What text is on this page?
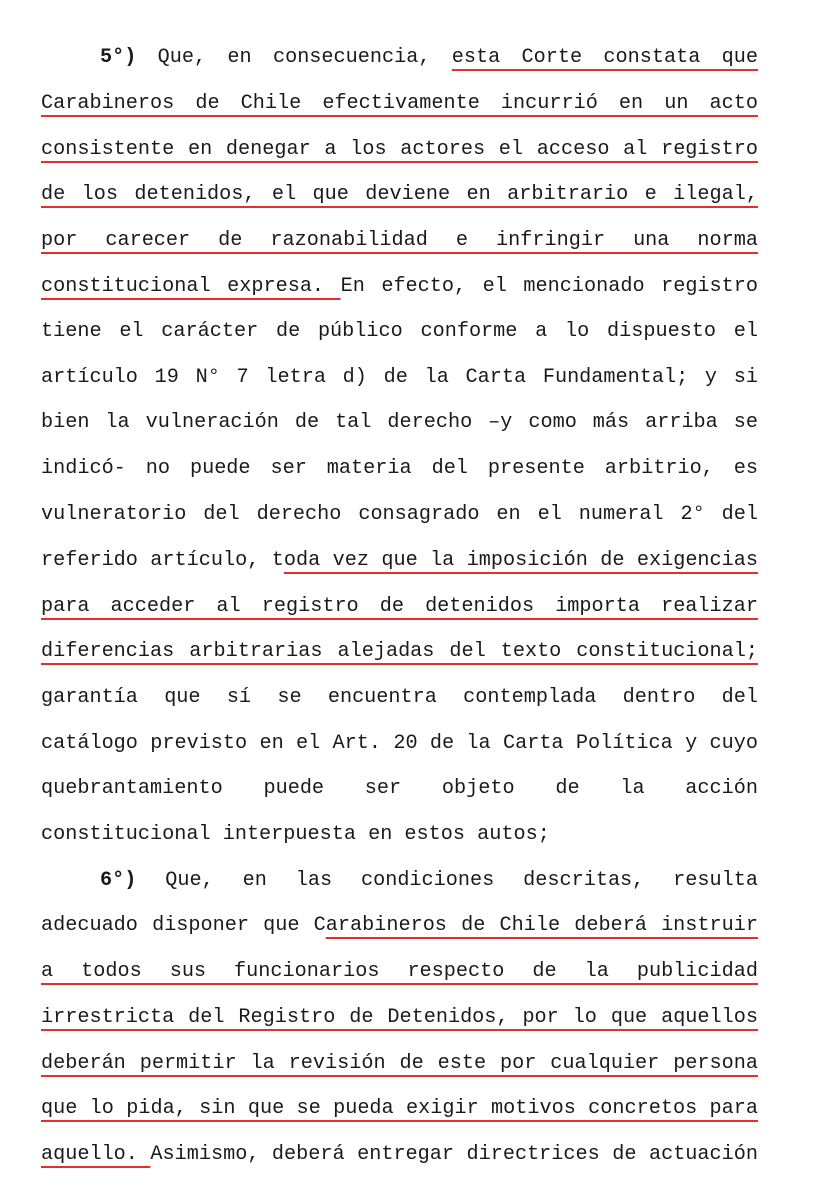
5°) Que, en consecuencia, esta Corte constata que
Carabineros de Chile efectivamente incurrió en un acto
consistente en denegar a los actores el acceso al registro
de los detenidos, el que deviene en arbitrario e ilegal,
por carecer de razonabilidad e infringir una norma
constitucional expresa. En efecto, el mencionado registro
tiene el carácter de público conforme a lo dispuesto el
artículo 19 N° 7 letra d) de la Carta Fundamental; y si
bien la vulneración de tal derecho –y como más arriba se
indicó- no puede ser materia del presente arbitrio, es
vulneratorio del derecho consagrado en el numeral 2° del
referido artículo, toda vez que la imposición de exigencias
para acceder al registro de detenidos importa realizar
diferencias arbitrarias alejadas del texto constitucional;
garantía que sí se encuentra contemplada dentro del
catálogo previsto en el Art. 20 de la Carta Política y cuyo
quebrantamiento puede ser objeto de la acción
constitucional interpuesta en estos autos;
6°) Que, en las condiciones descritas, resulta
adecuado disponer que Carabineros de Chile deberá instruir
a todos sus funcionarios respecto de la publicidad
irrestricta del Registro de Detenidos, por lo que aquellos
deberán permitir la revisión de este por cualquier persona
que lo pida, sin que se pueda exigir motivos concretos para
aquello. Asimismo, deberá entregar directrices de actuación
